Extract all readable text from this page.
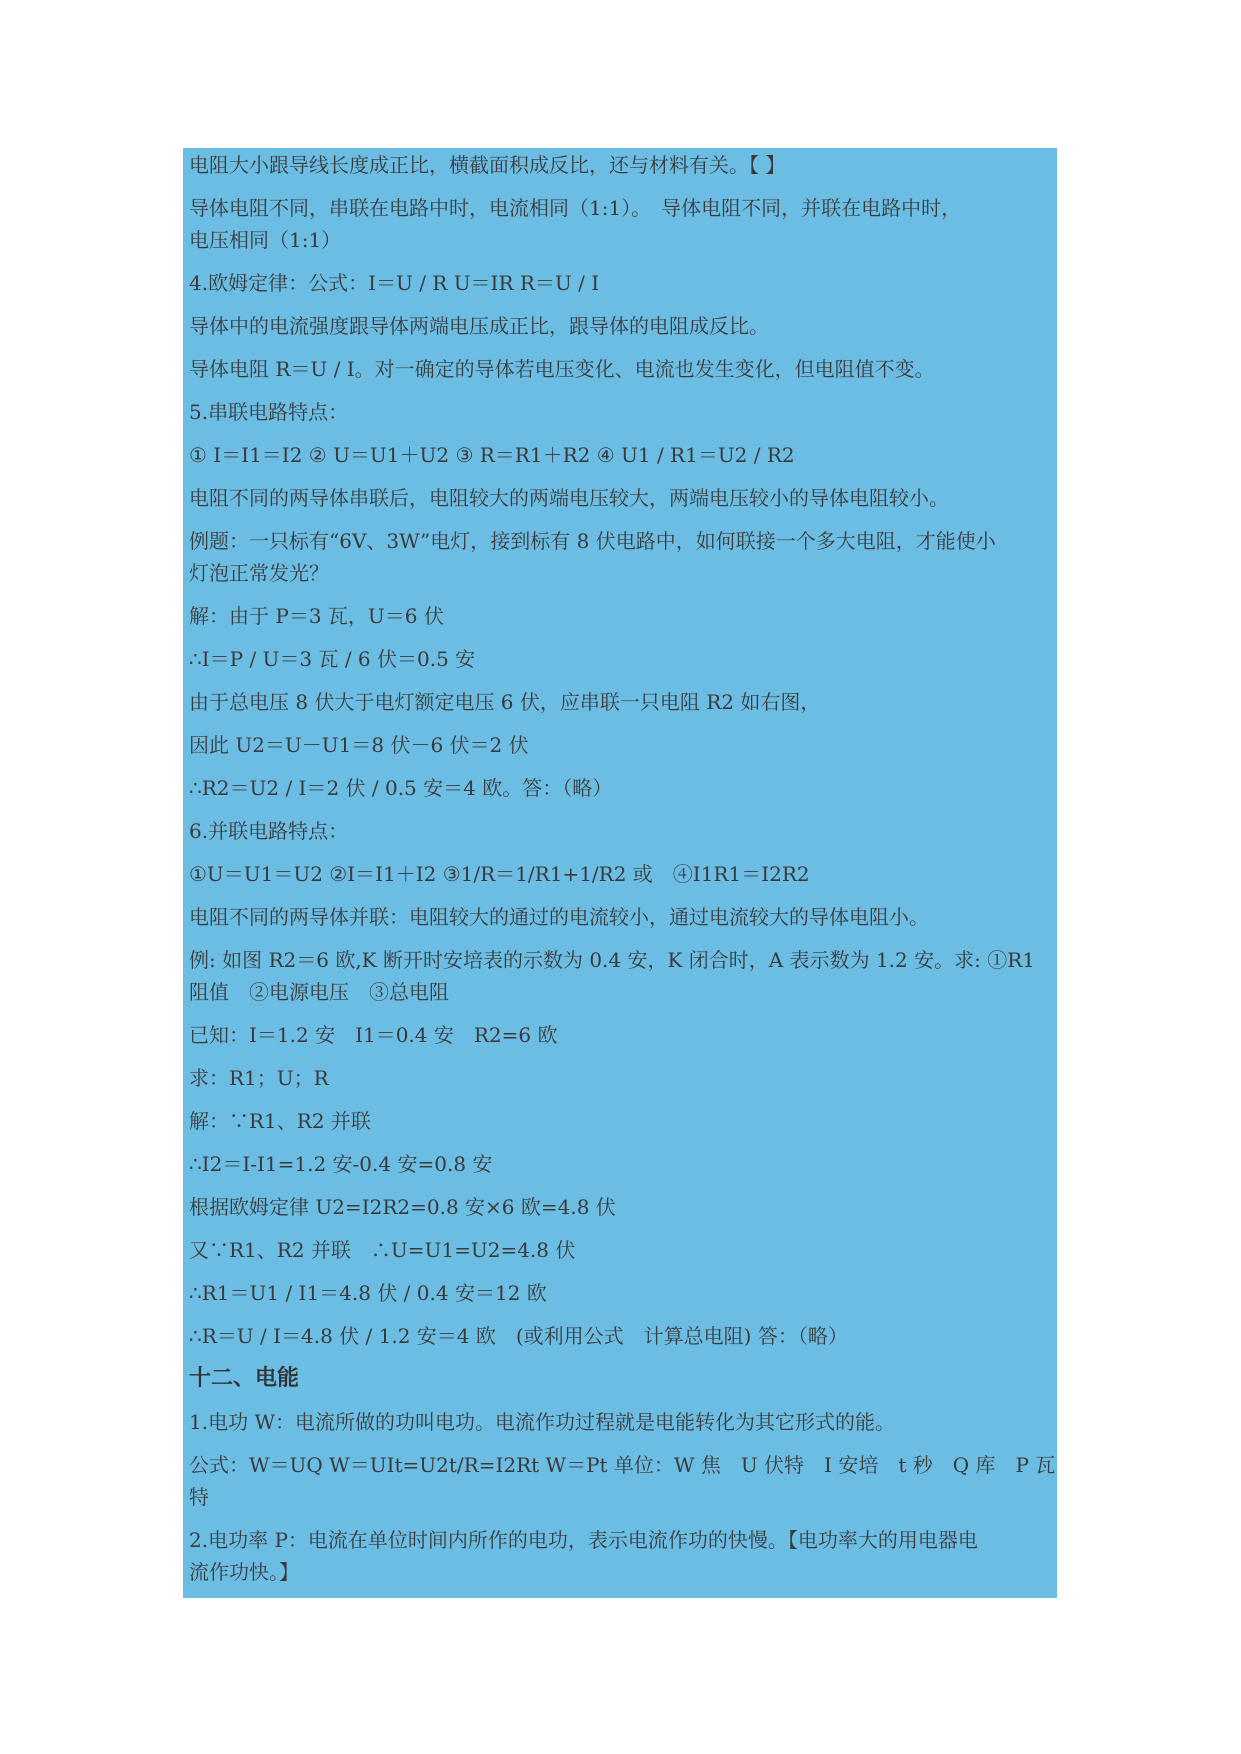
电阻大小跟导线长度成正比，横截面积成反比，还与材料有关。【 】
导体电阻不同，串联在电路中时，电流相同（1:1）。　导体电阻不同，并联在电路中时，
电压相同（1:1）
4.欧姆定律：公式：I＝U / R U＝IR R＝U / I
导体中的电流强度跟导体两端电压成正比，跟导体的电阻成反比。
导体电阻 R＝U / I。对一确定的导体若电压变化、电流也发生变化，但电阻值不变。
5.串联电路特点：
① I＝I1＝I2 ② U＝U1＋U2 ③ R＝R1＋R2 ④ U1 / R1＝U2 / R2
电阻不同的两导体串联后，电阻较大的两端电压较大，两端电压较小的导体电阻较小。
例题：一只标有“6V、3W”电灯，接到标有 8 伏电路中，如何联接一个多大电阻，才能使小
灯泡正常发光？
解：由于 P＝3 瓦，U＝6 伏
∴I＝P / U＝3 瓦 / 6 伏＝0.5 安
由于总电压 8 伏大于电灯额定电压 6 伏，应串联一只电阻 R2 如右图，
因此 U2＝U－U1＝8 伏－6 伏＝2 伏
∴R2＝U2 / I＝2 伏 / 0.5 安＝4 欧。答：（略）
6.并联电路特点：
①U＝U1＝U2 ②I＝I1＋I2 ③1/R＝1/R1+1/R2 或　④I1R1＝I2R2
电阻不同的两导体并联：电阻较大的通过的电流较小，通过电流较大的导体电阻小。
例: 如图 R2＝6 欧,K 断开时安培表的示数为 0.4 安，K 闭合时，A 表示数为 1.2 安。求: ①R1
阻值　②电源电压　③总电阻
已知：I＝1.2 安　I1＝0.4 安　R2=6 欧
求：R1；U；R
解：∵R1、R2 并联
∴I2＝I-I1=1.2 安-0.4 安=0.8 安
根据欧姆定律 U2=I2R2=0.8 安×6 欧=4.8 伏
又∵R1、R2 并联　∴U=U1=U2=4.8 伏
∴R1＝U1 / I1＝4.8 伏 / 0.4 安＝12 欧
∴R＝U / I＝4.8 伏 / 1.2 安＝4 欧　(或利用公式　计算总电阻) 答：（略）
十二、电能
1.电功 W：电流所做的功叫电功。电流作功过程就是电能转化为其它形式的能。
公式：W＝UQ W＝UIt=U2t/R=I2Rt W＝Pt 单位：W 焦　U 伏特　I 安培　t 秒　Q 库　P 瓦
特
2.电功率 P：电流在单位时间内所作的电功，表示电流作功的快慢。【电功率大的用电器电
流作功快。】
